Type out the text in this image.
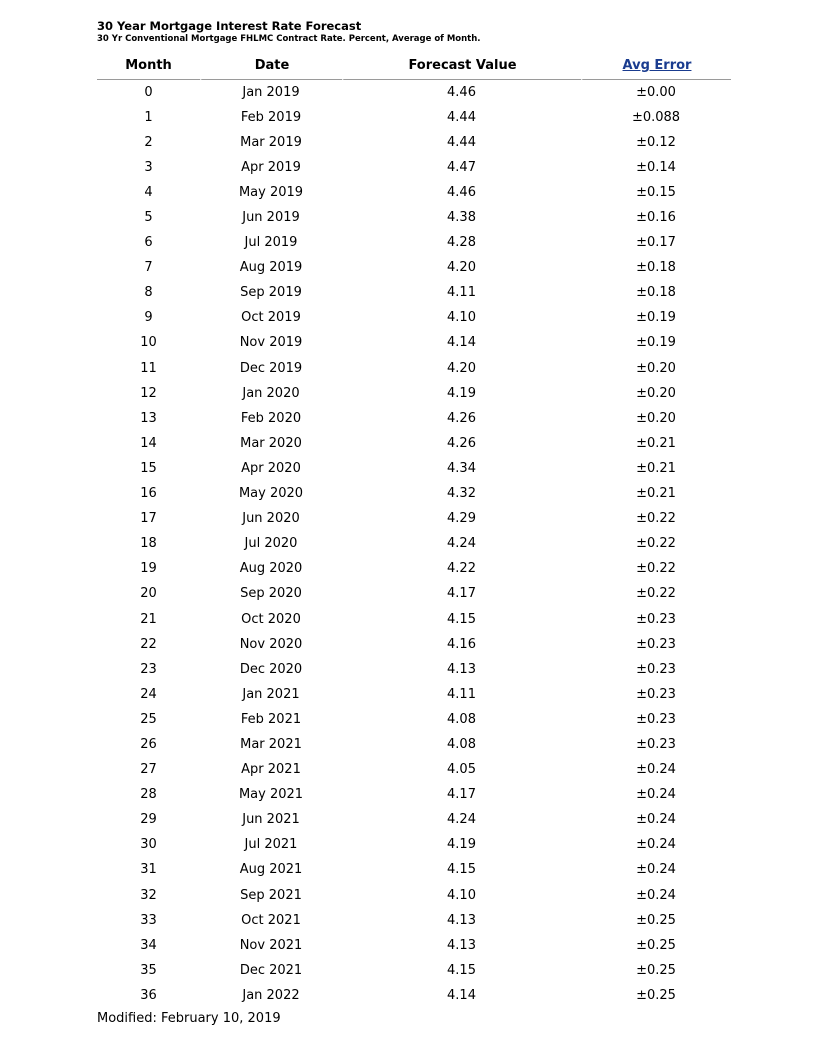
30 Year Mortgage Interest Rate Forecast
30 Yr Conventional Mortgage FHLMC Contract Rate. Percent, Average of Month.
Month	Date	Forecast Value	Avg Error
0	Jan 2019	4.46	±0.00
1	Feb 2019	4.44	±0.088
2	Mar 2019	4.44	±0.12
3	Apr 2019	4.47	±0.14
4	May 2019	4.46	±0.15
5	Jun 2019	4.38	±0.16
6	Jul 2019	4.28	±0.17
7	Aug 2019	4.20	±0.18
8	Sep 2019	4.11	±0.18
9	Oct 2019	4.10	±0.19
10	Nov 2019	4.14	±0.19
11	Dec 2019	4.20	±0.20
12	Jan 2020	4.19	±0.20
13	Feb 2020	4.26	±0.20
14	Mar 2020	4.26	±0.21
15	Apr 2020	4.34	±0.21
16	May 2020	4.32	±0.21
17	Jun 2020	4.29	±0.22
18	Jul 2020	4.24	±0.22
19	Aug 2020	4.22	±0.22
20	Sep 2020	4.17	±0.22
21	Oct 2020	4.15	±0.23
22	Nov 2020	4.16	±0.23
23	Dec 2020	4.13	±0.23
24	Jan 2021	4.11	±0.23
25	Feb 2021	4.08	±0.23
26	Mar 2021	4.08	±0.23
27	Apr 2021	4.05	±0.24
28	May 2021	4.17	±0.24
29	Jun 2021	4.24	±0.24
30	Jul 2021	4.19	±0.24
31	Aug 2021	4.15	±0.24
32	Sep 2021	4.10	±0.24
33	Oct 2021	4.13	±0.25
34	Nov 2021	4.13	±0.25
35	Dec 2021	4.15	±0.25
36	Jan 2022	4.14	±0.25
Modified: February 10, 2019
